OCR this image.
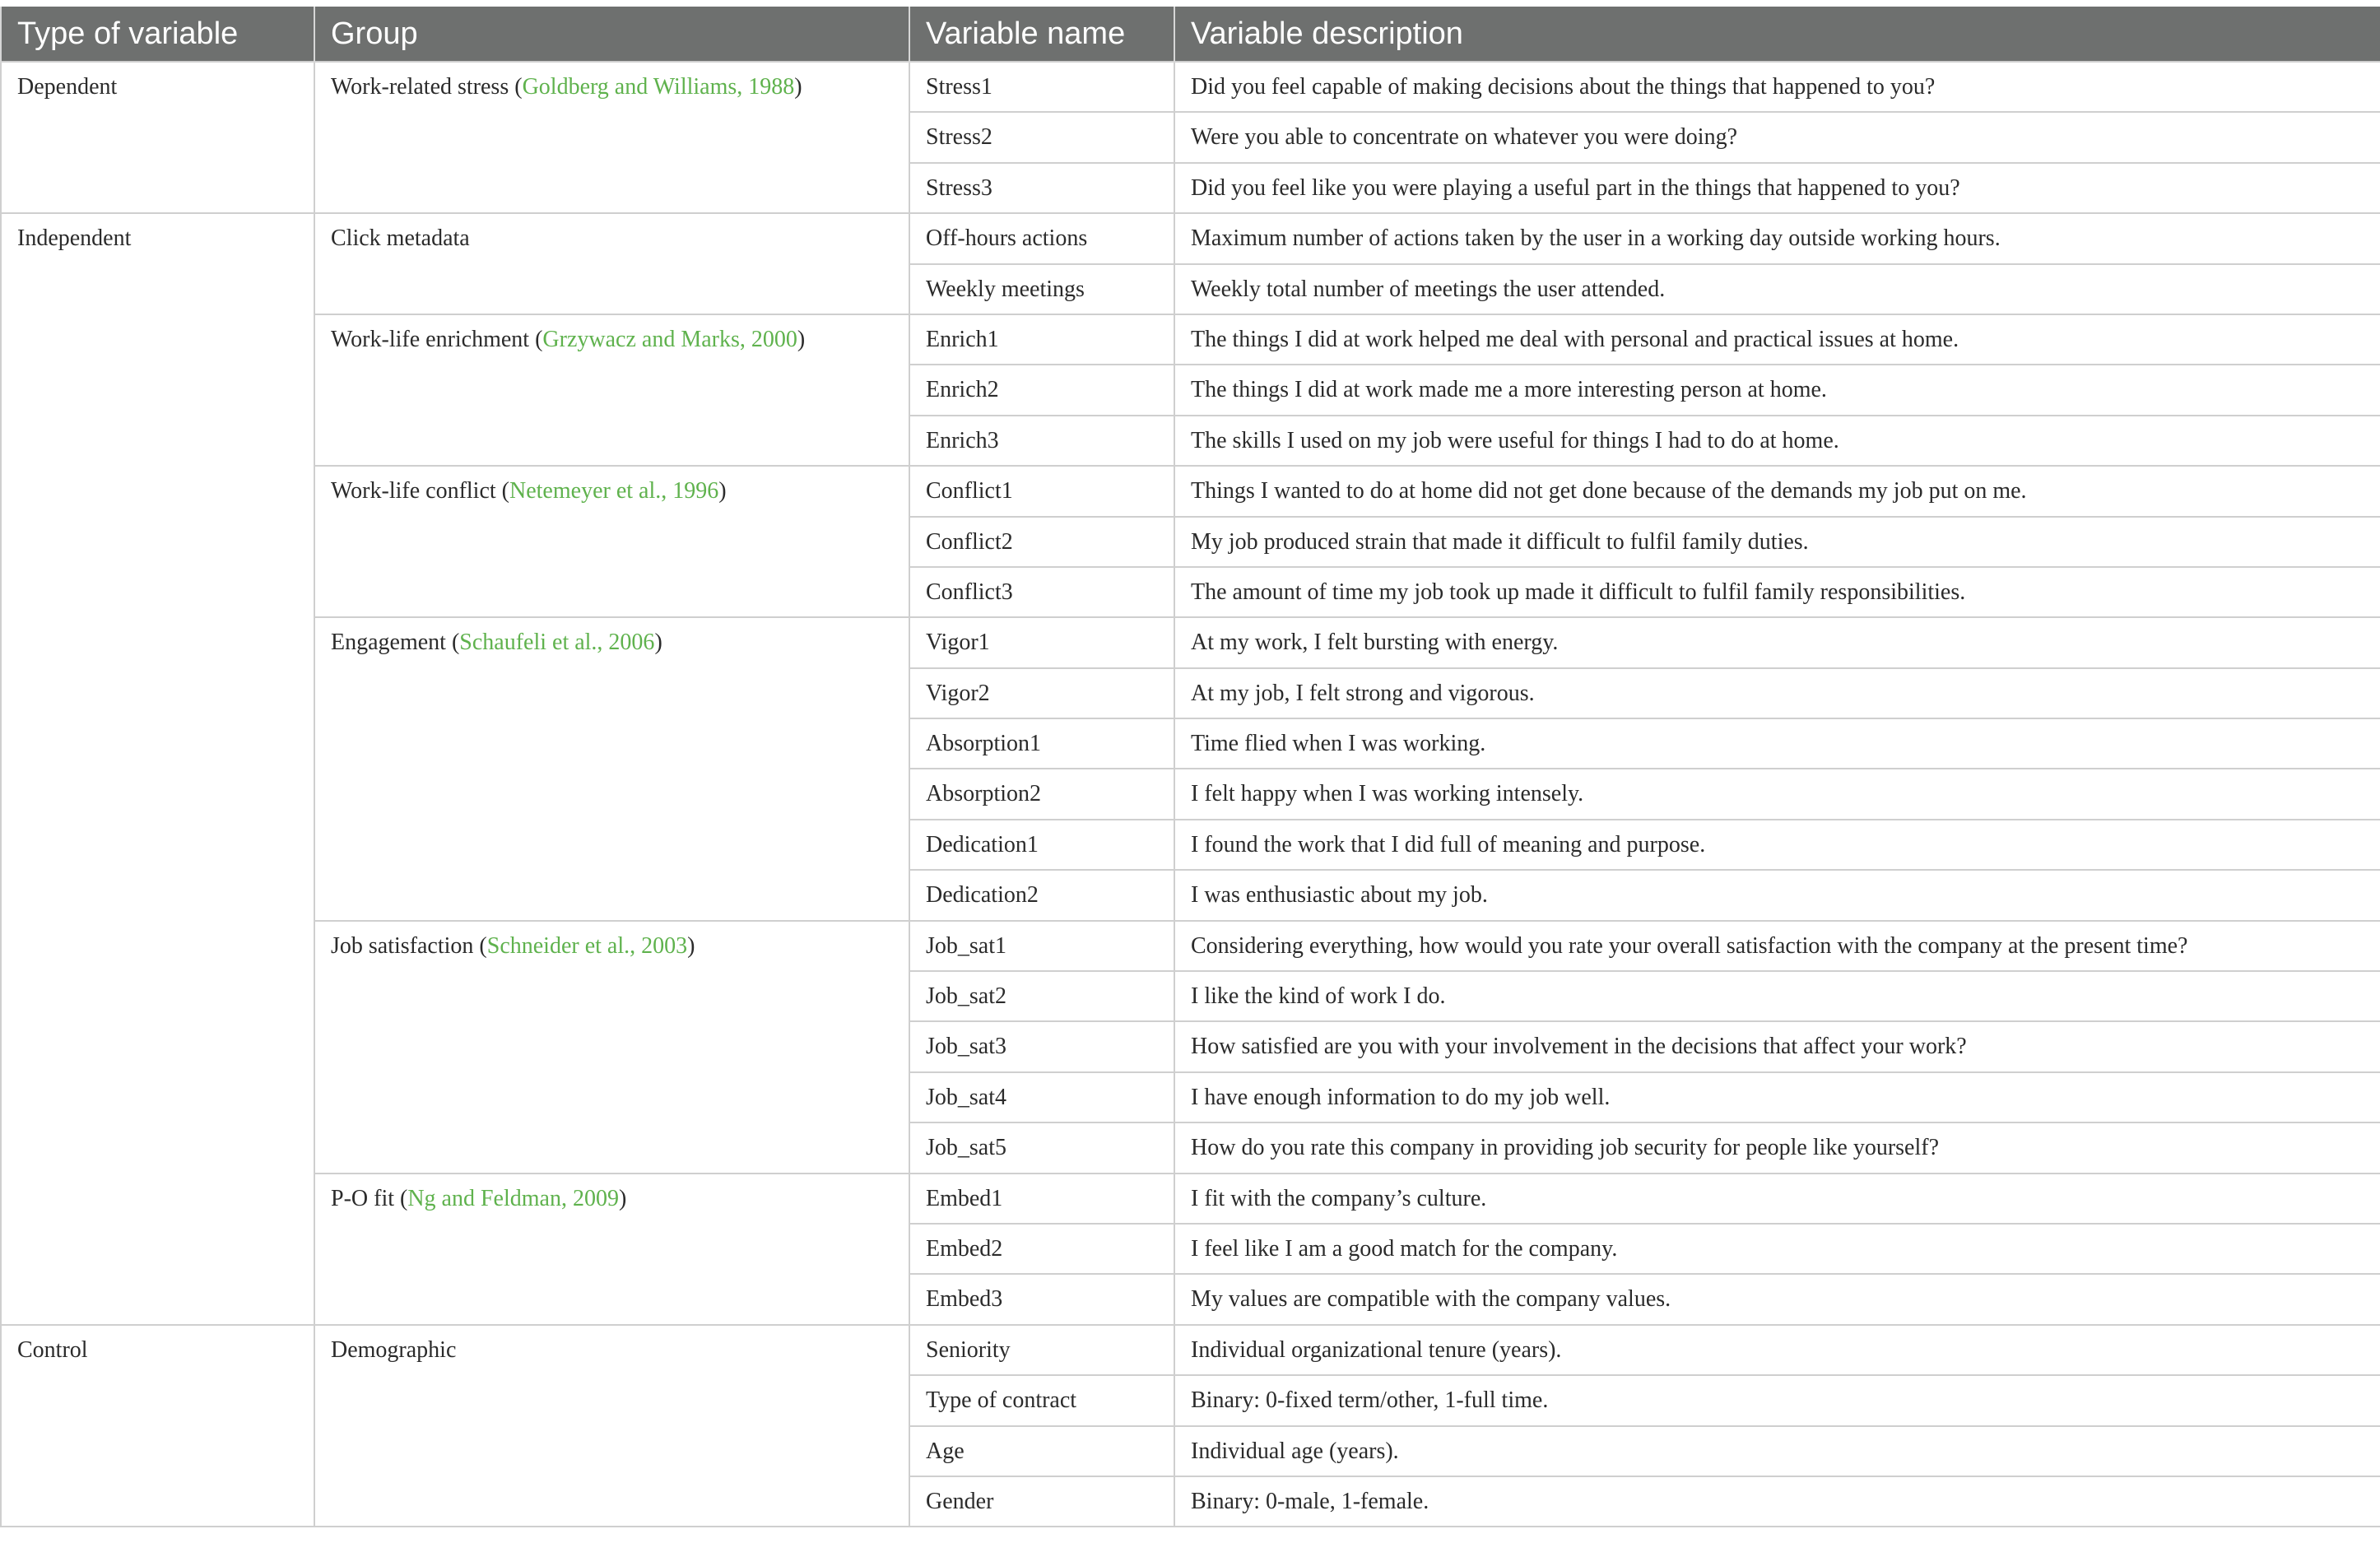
Type of variable	Group	Variable name	Variable description
Dependent	Work-related stress (Goldberg and Williams, 1988)	Stress1	Did you feel capable of making decisions about the things that happened to you?
		Stress2	Were you able to concentrate on whatever you were doing?
		Stress3	Did you feel like you were playing a useful part in the things that happened to you?
Independent	Click metadata	Off-hours actions	Maximum number of actions taken by the user in a working day outside working hours.
		Weekly meetings	Weekly total number of meetings the user attended.
	Work-life enrichment (Grzywacz and Marks, 2000)	Enrich1	The things I did at work helped me deal with personal and practical issues at home.
		Enrich2	The things I did at work made me a more interesting person at home.
		Enrich3	The skills I used on my job were useful for things I had to do at home.
	Work-life conflict (Netemeyer et al., 1996)	Conflict1	Things I wanted to do at home did not get done because of the demands my job put on me.
		Conflict2	My job produced strain that made it difficult to fulfil family duties.
		Conflict3	The amount of time my job took up made it difficult to fulfil family responsibilities.
	Engagement (Schaufeli et al., 2006)	Vigor1	At my work, I felt bursting with energy.
		Vigor2	At my job, I felt strong and vigorous.
		Absorption1	Time flied when I was working.
		Absorption2	I felt happy when I was working intensely.
		Dedication1	I found the work that I did full of meaning and purpose.
		Dedication2	I was enthusiastic about my job.
	Job satisfaction (Schneider et al., 2003)	Job_sat1	Considering everything, how would you rate your overall satisfaction with the company at the present time?
		Job_sat2	I like the kind of work I do.
		Job_sat3	How satisfied are you with your involvement in the decisions that affect your work?
		Job_sat4	I have enough information to do my job well.
		Job_sat5	How do you rate this company in providing job security for people like yourself?
	P-O fit (Ng and Feldman, 2009)	Embed1	I fit with the company’s culture.
		Embed2	I feel like I am a good match for the company.
		Embed3	My values are compatible with the company values.
Control	Demographic	Seniority	Individual organizational tenure (years).
		Type of contract	Binary: 0-fixed term/other, 1-full time.
		Age	Individual age (years).
		Gender	Binary: 0-male, 1-female.
